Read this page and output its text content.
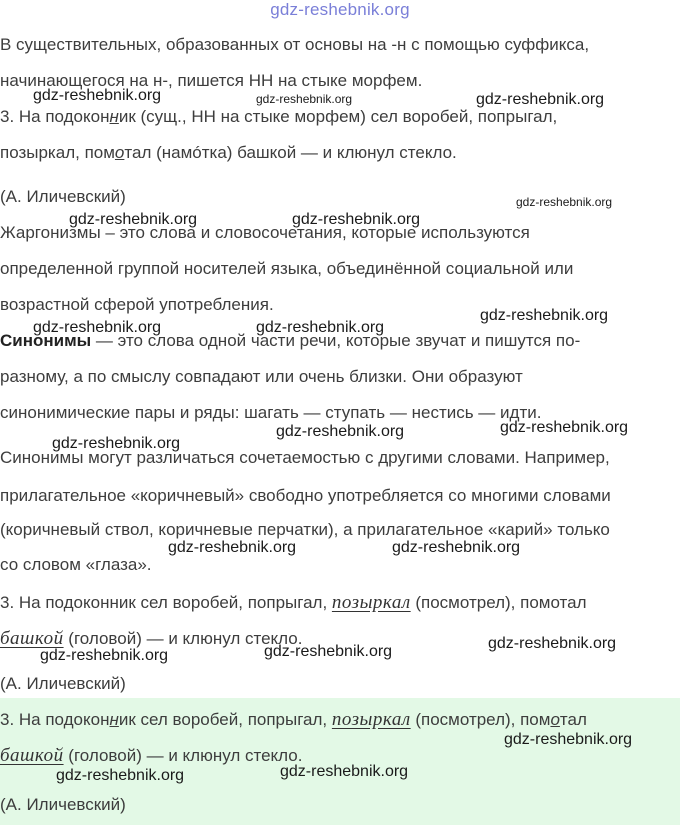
gdz-reshebnik.org
В существительных, образованных от основы на -н с помощью суффикса,
начинающегося на н-, пишется НН на стыке морфем.
3. На подоконник (сущ., НН на стыке морфем) сел воробей, попрыгал,
позыркал, помотал (намóтка) башкой — и клюнул стекло.
(А. Иличевский)
Жаргонизмы – это слова и словосочетания, которые используются
определенной группой носителей языка, объединённой социальной или
возрастной сферой употребления.
Синонимы — это слова одной части речи, которые звучат и пишутся по-
разному, а по смыслу совпадают или очень близки. Они образуют
синонимические пары и ряды: шагать — ступать — нестись — идти.
Синонимы могут различаться сочетаемостью с другими словами. Например,
прилагательное «коричневый» свободно употребляется со многими словами
(коричневый ствол, коричневые перчатки), а прилагательное «карий» только
со словом «глаза».
3. На подоконник сел воробей, попрыгал, позыркал (посмотрел), помотал
башкой (головой) — и клюнул стекло.
(А. Иличевский)
3. На подоконник сел воробей, попрыгал, позыркал (посмотрел), помотал
башкой (головой) — и клюнул стекло.
(А. Иличевский)
gdz-reshebnik.org	gdz-reshebnik.org	gdz-reshebnik.org
gdz-reshebnik.org
gdz-reshebnik.org	gdz-reshebnik.org
gdz-reshebnik.org
gdz-reshebnik.org	gdz-reshebnik.org
gdz-reshebnik.org
gdz-reshebnik.org
gdz-reshebnik.org
gdz-reshebnik.org	gdz-reshebnik.org
gdz-reshebnik.org
gdz-reshebnik.org
gdz-reshebnik.org
gdz-reshebnik.org
gdz-reshebnik.org
gdz-reshebnik.org
